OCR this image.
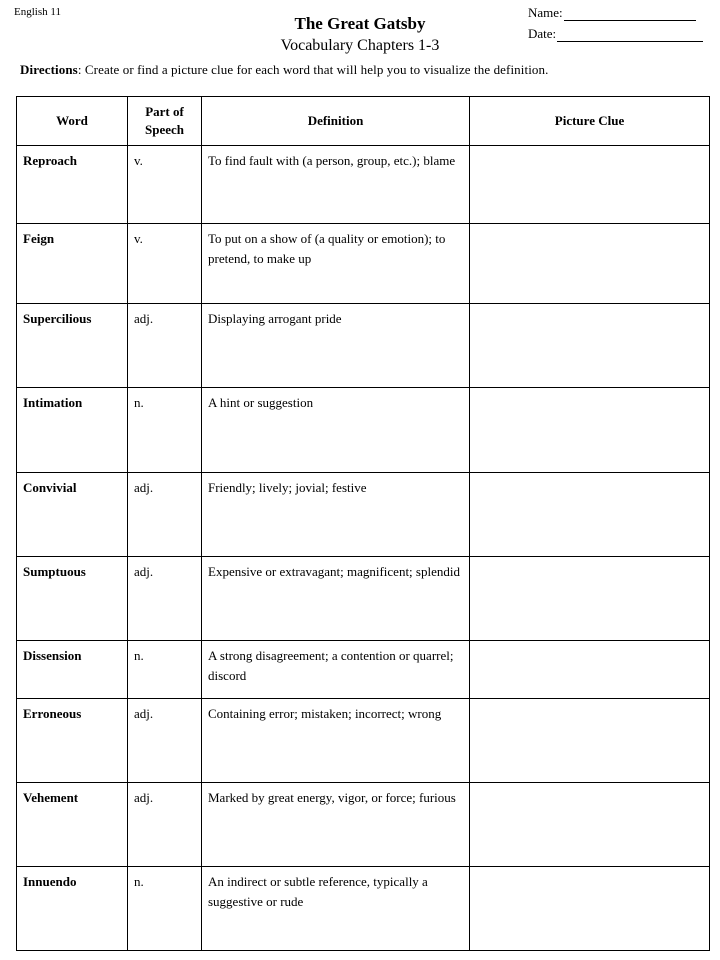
English 11
The Great Gatsby
Vocabulary Chapters 1-3
Name:
Date:
Directions: Create or find a picture clue for each word that will help you to visualize the definition.
Word	Part of Speech	Definition	Picture Clue
Reproach	v.	To find fault with (a person, group, etc.); blame	
Feign	v.	To put on a show of (a quality or emotion); to pretend, to make up	
Supercilious	adj.	Displaying arrogant pride	
Intimation	n.	A hint or suggestion	
Convivial	adj.	Friendly; lively; jovial; festive	
Sumptuous	adj.	Expensive or extravagant; magnificent; splendid	
Dissension	n.	A strong disagreement; a contention or quarrel; discord	
Erroneous	adj.	Containing error; mistaken; incorrect; wrong	
Vehement	adj.	Marked by great energy, vigor, or force; furious	
Innuendo	n.	An indirect or subtle reference, typically a suggestive or rude	
